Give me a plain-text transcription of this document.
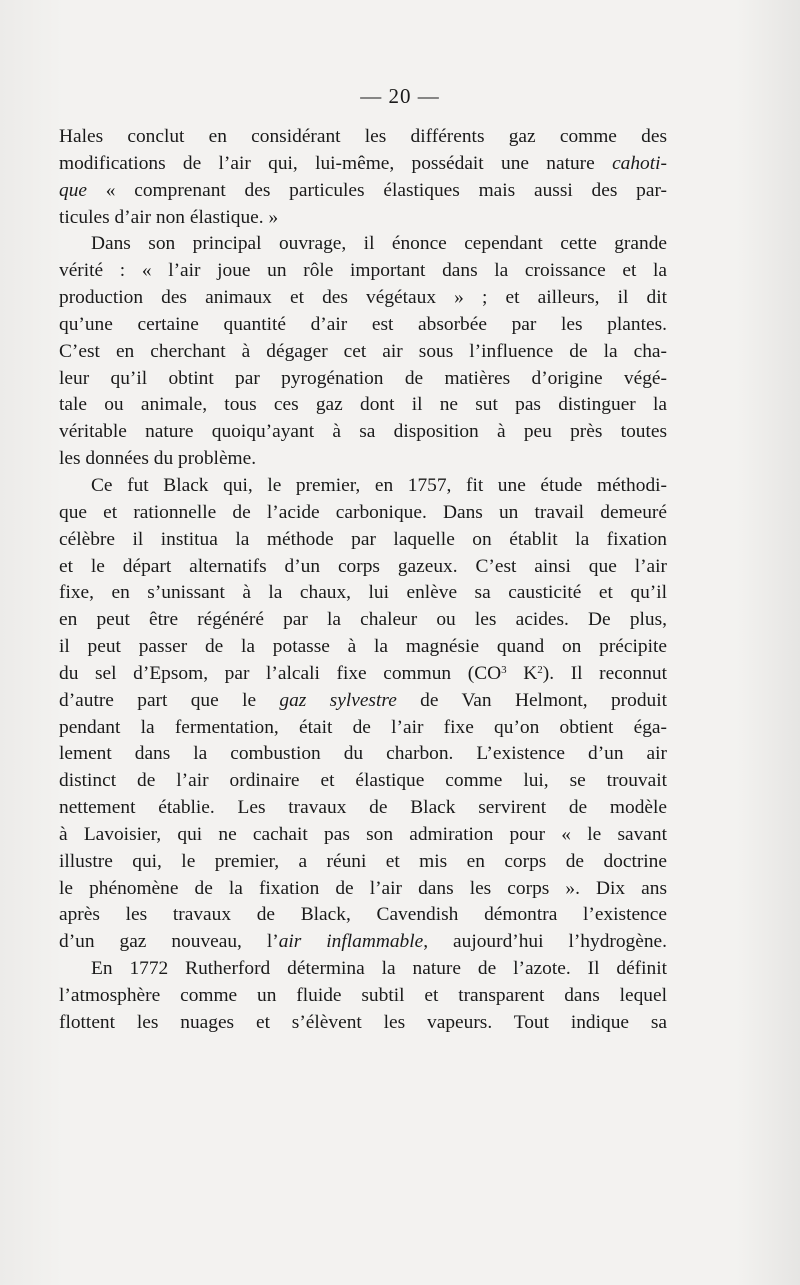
— 20 —
Hales conclut en considérant les différents gaz comme des
modifications de l’air qui, lui-même, possédait une nature cahoti-
que « comprenant des particules élastiques mais aussi des par-
ticules d’air non élastique. »
Dans son principal ouvrage, il énonce cependant cette grande
vérité : « l’air joue un rôle important dans la croissance et la
production des animaux et des végétaux » ; et ailleurs, il dit
qu’une certaine quantité d’air est absorbée par les plantes.
C’est en cherchant à dégager cet air sous l’influence de la cha-
leur qu’il obtint par pyrogénation de matières d’origine végé-
tale ou animale, tous ces gaz dont il ne sut pas distinguer la
véritable nature quoiqu’ayant à sa disposition à peu près toutes
les données du problème.
Ce fut Black qui, le premier, en 1757, fit une étude méthodi-
que et rationnelle de l’acide carbonique. Dans un travail demeuré
célèbre il institua la méthode par laquelle on établit la fixation
et le départ alternatifs d’un corps gazeux. C’est ainsi que l’air
fixe, en s’unissant à la chaux, lui enlève sa causticité et qu’il
en peut être régénéré par la chaleur ou les acides. De plus,
il peut passer de la potasse à la magnésie quand on précipite
du sel d’Epsom, par l’alcali fixe commun ($CO^3$ $K^2$). Il reconnut
d’autre part que le gaz sylvestre de Van Helmont, produit
pendant la fermentation, était de l’air fixe qu’on obtient éga-
lement dans la combustion du charbon. L’existence d’un air
distinct de l’air ordinaire et élastique comme lui, se trouvait
nettement établie. Les travaux de Black servirent de modèle
à Lavoisier, qui ne cachait pas son admiration pour « le savant
illustre qui, le premier, a réuni et mis en corps de doctrine
le phénomène de la fixation de l’air dans les corps ». Dix ans
après les travaux de Black, Cavendish démontra l’existence
d’un gaz nouveau, l’air inflammable, aujourd’hui l’hydrogène.
En 1772 Rutherford détermina la nature de l’azote. Il définit
l’atmosphère comme un fluide subtil et transparent dans lequel
flottent les nuages et s’élèvent les vapeurs. Tout indique sa
